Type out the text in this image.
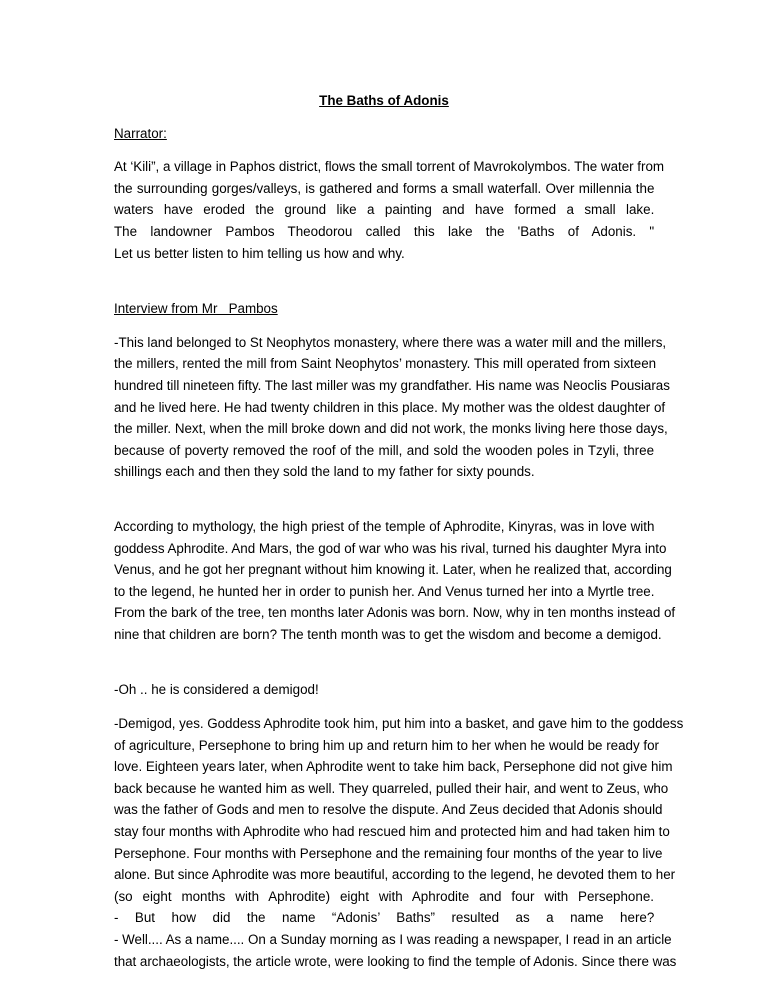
The Baths of Adonis
Narrator:
At ‘Kili”, a village in Paphos district, flows the small torrent of Mavrokolymbos. The water from
the surrounding gorges/valleys, is gathered and forms a small waterfall. Over millennia the
waters have eroded the ground like a painting and have formed a small lake.
The landowner Pambos Theodorou called this lake the 'Baths of Adonis. "
Let us better listen to him telling us how and why.
Interview from Mr   Pambos
-This land belonged to St Neophytos monastery, where there was a water mill and the millers,
the millers, rented the mill from Saint Neophytos’ monastery. This mill operated from sixteen
hundred till nineteen fifty. The last miller was my grandfather. His name was Neoclis Pousiaras
and he lived here. He had twenty children in this place. My mother was the oldest daughter of
the miller. Next, when the mill broke down and did not work, the monks living here those days,
because of poverty removed the roof of the mill, and sold the wooden poles in Tzyli, three
shillings each and then they sold the land to my father for sixty pounds.
According to mythology, the high priest of the temple of Aphrodite, Kinyras, was in love with
goddess Aphrodite. And Mars, the god of war who was his rival, turned his daughter Myra into
Venus, and he got her pregnant without him knowing it. Later, when he realized that, according
to the legend, he hunted her in order to punish her. And Venus turned her into a Myrtle tree.
From the bark of the tree, ten months later Adonis was born. Now, why in ten months instead of
nine that children are born? The tenth month was to get the wisdom and become a demigod.

-Oh .. he is considered a demigod!

-Demigod, yes. Goddess Aphrodite took him, put him into a basket, and gave him to the goddess
of agriculture, Persephone to bring him up and return him to her when he would be ready for
love. Eighteen years later, when Aphrodite went to take him back, Persephone did not give him
back because he wanted him as well. They quarreled, pulled their hair, and went to Zeus, who
was the father of Gods and men to resolve the dispute. And Zeus decided that Adonis should
stay four months with Aphrodite who had rescued him and protected him and had taken him to
Persephone. Four months with Persephone and the remaining four months of the year to live
alone. But since Aphrodite was more beautiful, according to the legend, he devoted them to her
(so eight months with Aphrodite) eight with Aphrodite and four with Persephone.
- But how did the name “Adonis’ Baths” resulted as a name here?
- Well.... As a name.... On a Sunday morning as I was reading a newspaper, I read in an article
that archaeologists, the article wrote, were looking to find the temple of Adonis. Since there was
